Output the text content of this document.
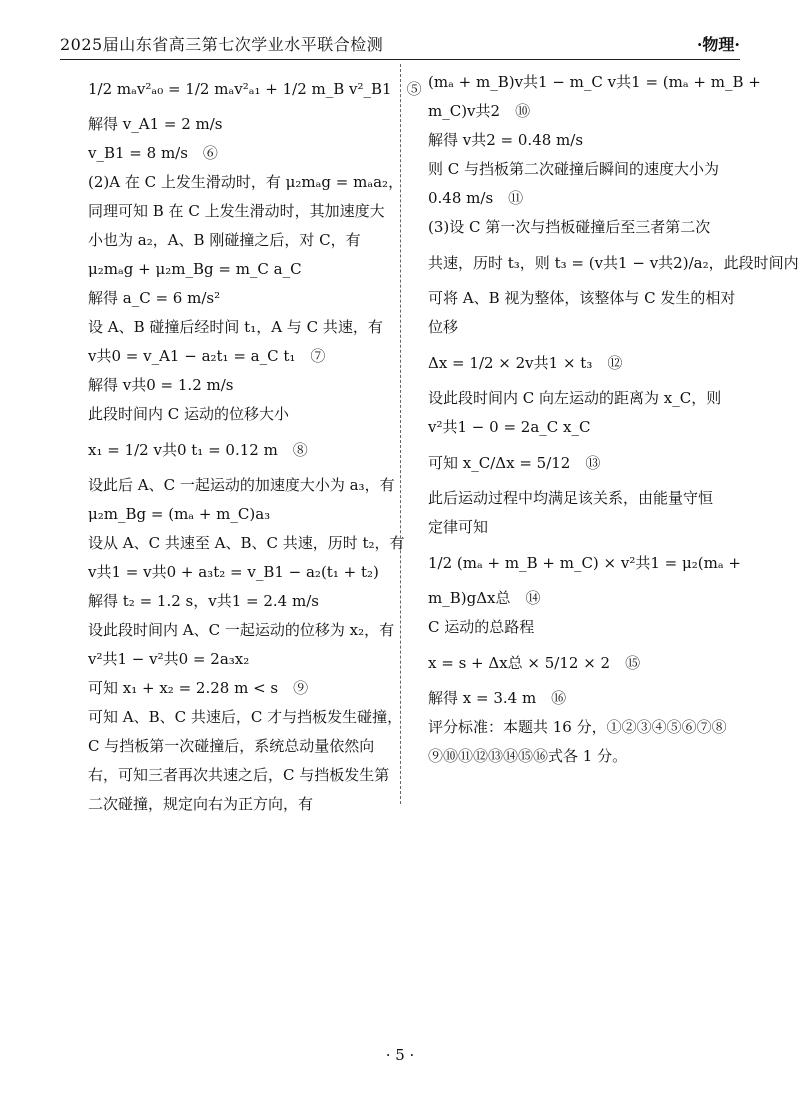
2025届山东省高三第七次学业水平联合检测	·物理·
1/2 mₐv²ₐ₀ = 1/2 mₐv²ₐ₁ + 1/2 m_B v²_B1　⑤
解得 v_A1 = 2 m/s
v_B1 = 8 m/s　⑥
(2)A 在 C 上发生滑动时，有 μ₂mₐg = mₐa₂，
同理可知 B 在 C 上发生滑动时，其加速度大
小也为 a₂，A、B 刚碰撞之后，对 C，有
μ₂mₐg + μ₂m_Bg = m_C a_C
解得 a_C = 6 m/s²
设 A、B 碰撞后经时间 t₁，A 与 C 共速，有
v共0 = v_A1 − a₂t₁ = a_C t₁　⑦
解得 v共0 = 1.2 m/s
此段时间内 C 运动的位移大小
x₁ = 1/2 v共0 t₁ = 0.12 m　⑧
设此后 A、C 一起运动的加速度大小为 a₃，有
μ₂m_Bg = (mₐ + m_C)a₃
设从 A、C 共速至 A、B、C 共速，历时 t₂，有
v共1 = v共0 + a₃t₂ = v_B1 − a₂(t₁ + t₂)
解得 t₂ = 1.2 s，v共1 = 2.4 m/s
设此段时间内 A、C 一起运动的位移为 x₂，有
v²共1 − v²共0 = 2a₃x₂
可知 x₁ + x₂ = 2.28 m < s　⑨
可知 A、B、C 共速后，C 才与挡板发生碰撞，
C 与挡板第一次碰撞后，系统总动量依然向
右，可知三者再次共速之后，C 与挡板发生第
二次碰撞，规定向右为正方向，有
(mₐ + m_B)v共1 − m_C v共1 = (mₐ + m_B +
m_C)v共2　⑩
解得 v共2 = 0.48 m/s
则 C 与挡板第二次碰撞后瞬间的速度大小为
0.48 m/s　⑪
(3)设 C 第一次与挡板碰撞后至三者第二次
共速，历时 t₃，则 t₃ = (v共1 − v共2)/a₂，此段时间内
可将 A、B 视为整体，该整体与 C 发生的相对
位移
Δx = 1/2 × 2v共1 × t₃　⑫
设此段时间内 C 向左运动的距离为 x_C，则
v²共1 − 0 = 2a_C x_C
可知 x_C/Δx = 5/12　⑬
此后运动过程中均满足该关系，由能量守恒
定律可知
1/2 (mₐ + m_B + m_C) × v²共1 = μ₂(mₐ +
m_B)gΔx总　⑭
C 运动的总路程
x = s + Δx总 × 5/12 × 2　⑮
解得 x = 3.4 m　⑯
评分标准：本题共 16 分，①②③④⑤⑥⑦⑧
⑨⑩⑪⑫⑬⑭⑮⑯式各 1 分。
· 5 ·
